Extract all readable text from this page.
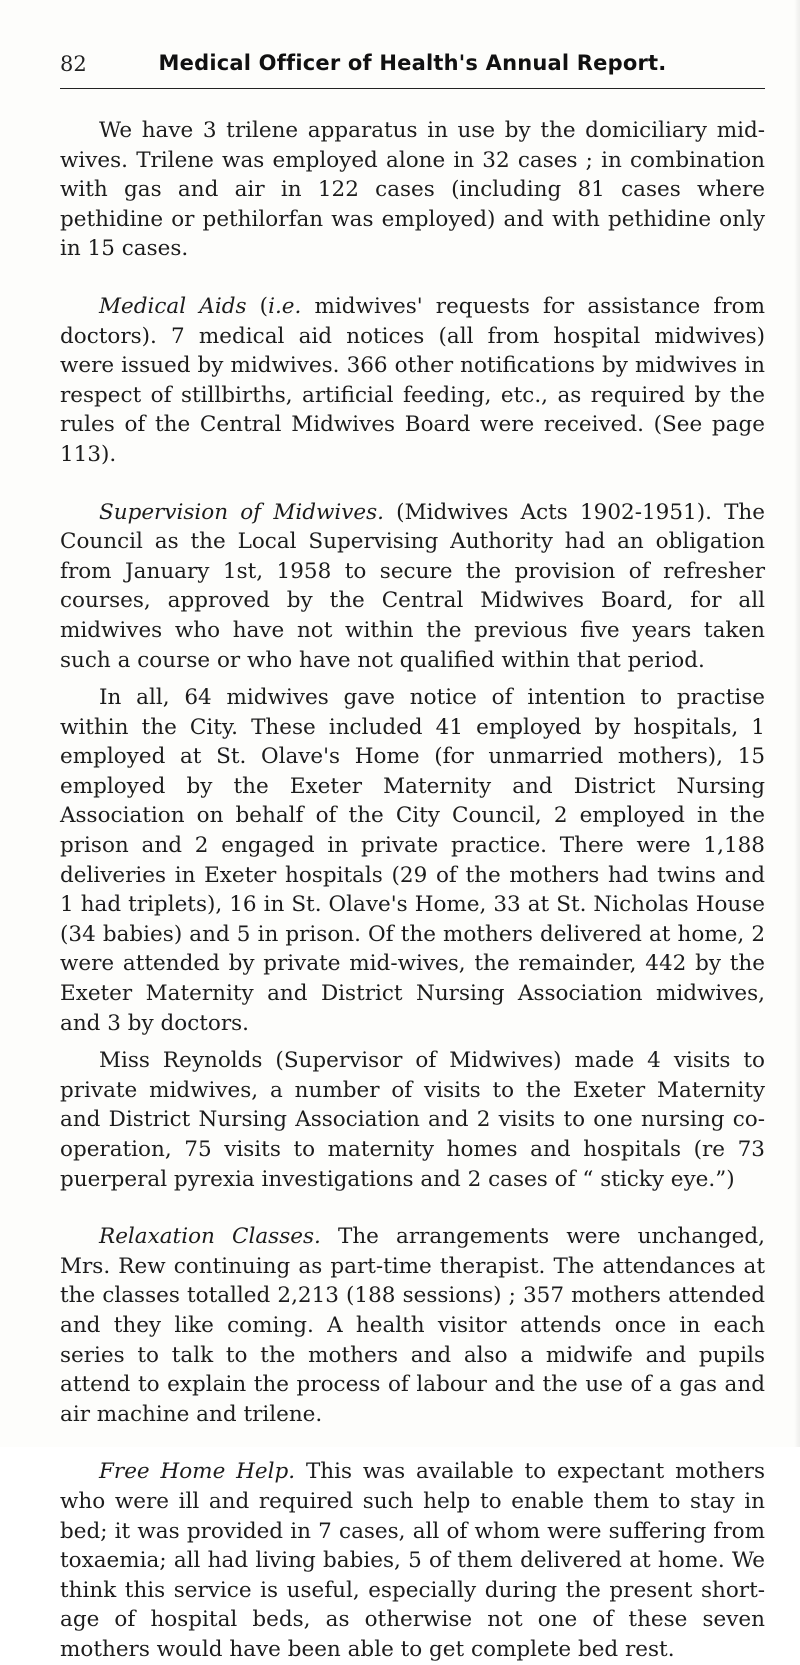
82	Medical Officer of Health's Annual Report.

We have 3 trilene apparatus in use by the domiciliary mid-wives. Trilene was employed alone in 32 cases ; in combination with gas and air in 122 cases (including 81 cases where pethidine or pethilorfan was employed) and with pethidine only in 15 cases.

Medical Aids (i.e. midwives' requests for assistance from doctors). 7 medical aid notices (all from hospital midwives) were issued by midwives. 366 other notifications by midwives in respect of stillbirths, artificial feeding, etc., as required by the rules of the Central Midwives Board were received. (See page 113).

Supervision of Midwives. (Midwives Acts 1902-1951). The Council as the Local Supervising Authority had an obligation from January 1st, 1958 to secure the provision of refresher courses, approved by the Central Midwives Board, for all midwives who have not within the previous five years taken such a course or who have not qualified within that period.

In all, 64 midwives gave notice of intention to practise within the City. These included 41 employed by hospitals, 1 employed at St. Olave's Home (for unmarried mothers), 15 employed by the Exeter Maternity and District Nursing Association on behalf of the City Council, 2 employed in the prison and 2 engaged in private practice. There were 1,188 deliveries in Exeter hospitals (29 of the mothers had twins and 1 had triplets), 16 in St. Olave's Home, 33 at St. Nicholas House (34 babies) and 5 in prison. Of the mothers delivered at home, 2 were attended by private mid-wives, the remainder, 442 by the Exeter Maternity and District Nursing Association midwives, and 3 by doctors.

Miss Reynolds (Supervisor of Midwives) made 4 visits to private midwives, a number of visits to the Exeter Maternity and District Nursing Association and 2 visits to one nursing co-operation, 75 visits to maternity homes and hospitals (re 73 puerperal pyrexia investigations and 2 cases of “ sticky eye.”)

Relaxation Classes. The arrangements were unchanged, Mrs. Rew continuing as part-time therapist. The attendances at the classes totalled 2,213 (188 sessions) ; 357 mothers attended and they like coming. A health visitor attends once in each series to talk to the mothers and also a midwife and pupils attend to explain the process of labour and the use of a gas and air machine and trilene.

Free Home Help. This was available to expectant mothers who were ill and required such help to enable them to stay in bed; it was provided in 7 cases, all of whom were suffering from toxaemia; all had living babies, 5 of them delivered at home. We think this service is useful, especially during the present short-age of hospital beds, as otherwise not one of these seven mothers would have been able to get complete bed rest.
